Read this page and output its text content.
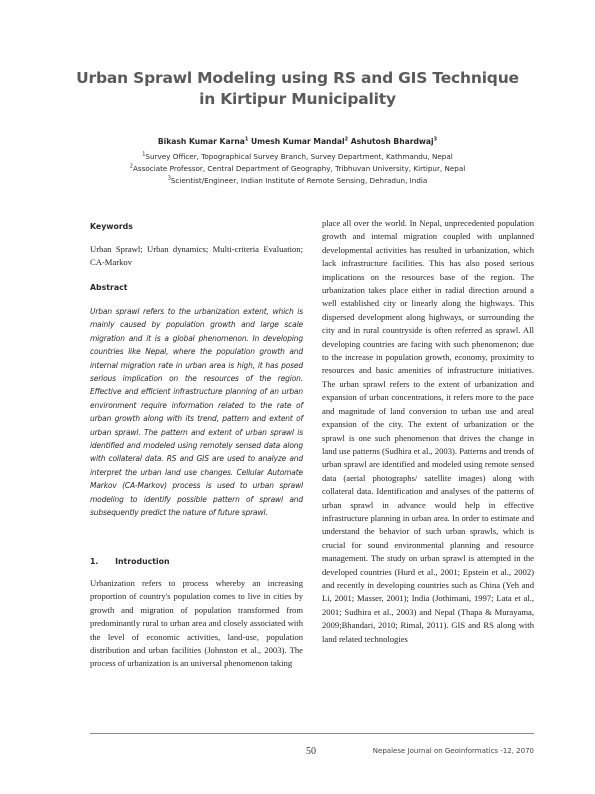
Urban Sprawl Modeling using RS and GIS Technique
in Kirtipur Municipality
Bikash Kumar Karna$^1$ Umesh Kumar Mandal$^2$ Ashutosh Bhardwaj$^3$
$^1$Survey Officer, Topographical Survey Branch, Survey Department, Kathmandu, Nepal
$^2$Associate Professor, Central Department of Geography, Tribhuvan University, Kirtipur, Nepal
$^3$Scientist/Engineer, Indian Institute of Remote Sensing, Dehradun, India
Keywords
Urban Sprawl; Urban dynamics; Multi-criteria Evaluation; CA-Markov
Abstract
Urban sprawl refers to the urbanization extent, which is mainly caused by population growth and large scale migration and it is a global phenomenon. In developing countries like Nepal, where the population growth and internal migration rate in urban area is high, it has posed serious implication on the resources of the region. Effective and efficient infrastructure planning of an urban environment require information related to the rate of urban growth along with its trend, pattern and extent of urban sprawl. The pattern and extent of urban sprawl is identified and modeled using remotely sensed data along with collateral data. RS and GIS are used to analyze and interpret the urban land use changes. Cellular Automate Markov (CA-Markov) process is used to urban sprawl modeling to identify possible pattern of sprawl and subsequently predict the nature of future sprawl.
1. Introduction
Urbanization refers to process whereby an increasing proportion of country's population comes to live in cities by growth and migration of population transformed from predominantly rural to urban area and closely associated with the level of economic activities, land-use, population distribution and urban facilities (Johnston et al., 2003). The process of urbanization is an universal phenomenon taking
place all over the world. In Nepal, unprecedented population growth and internal migration coupled with unplanned developmental activities has resulted in urbanization, which lack infrastructure facilities. This has also posed serious implications on the resources base of the region. The urbanization takes place either in radial direction around a well established city or linearly along the highways. This dispersed development along highways, or surrounding the city and in rural countryside is often referred as sprawl. All developing countries are facing with such phenomenon; due to the increase in population growth, economy, proximity to resources and basic amenities of infrastructure initiatives. The urban sprawl refers to the extent of urbanization and expansion of urban concentrations, it refers more to the pace and magnitude of land conversion to urban use and areal expansion of the city. The extent of urbanization or the sprawl is one such phenomenon that drives the change in land use patterns (Sudhira et al., 2003). Patterns and trends of urban sprawl are identified and modeled using remote sensed data (aerial photographs/ satellite images) along with collateral data. Identification and analyses of the patterns of urban sprawl in advance would help in effective infrastructure planning in urban area. In order to estimate and understand the behavior of such urban sprawls, which is crucial for sound environmental planning and resource management. The study on urban sprawl is attempted in the developed countries (Hurd et al., 2001; Epstein et al., 2002) and recently in developing countries such as China (Yeh and Li, 2001; Masser, 2001); India (Jothimani, 1997; Lata et al., 2001; Sudhira et al., 2003) and Nepal (Thapa & Murayama, 2009;Bhandari, 2010; Rimal, 2011). GIS and RS along with land related technologies
50	Nepalese Journal on Geoinformatics -12, 2070
